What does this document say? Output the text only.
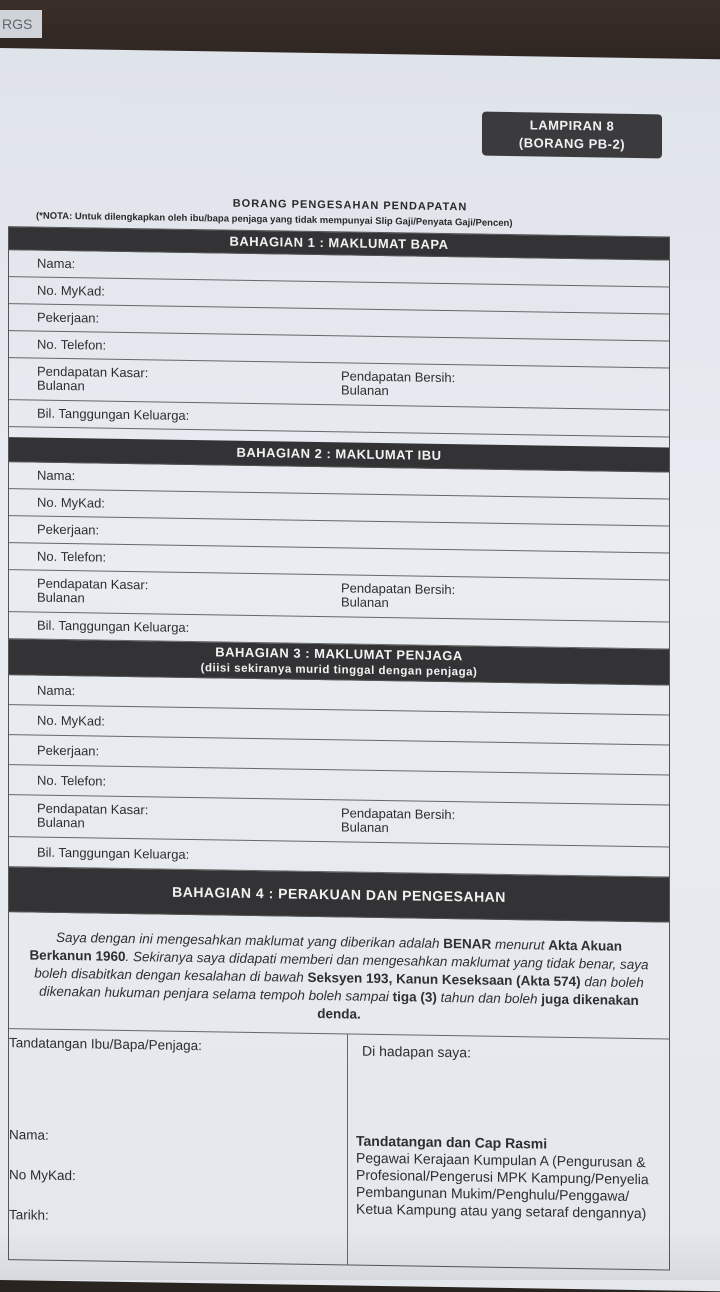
RGS
LAMPIRAN 8
(BORANG PB-2)
BORANG PENGESAHAN PENDAPATAN
(*NOTA: Untuk dilengkapkan oleh ibu/bapa penjaga yang tidak mempunyai Slip Gaji/Penyata Gaji/Pencen)
BAHAGIAN 1 : MAKLUMAT BAPA
Nama:
No. MyKad:
Pekerjaan:
No. Telefon:
Pendapatan Kasar:
Bulanan
Pendapatan Bersih:
Bulanan
Bil. Tanggungan Keluarga:
BAHAGIAN 2 : MAKLUMAT IBU
Nama:
No. MyKad:
Pekerjaan:
No. Telefon:
Pendapatan Kasar:
Bulanan
Pendapatan Bersih:
Bulanan
Bil. Tanggungan Keluarga:
BAHAGIAN 3 : MAKLUMAT PENJAGA
(diisi sekiranya murid tinggal dengan penjaga)
Nama:
No. MyKad:
Pekerjaan:
No. Telefon:
Pendapatan Kasar:
Bulanan
Pendapatan Bersih:
Bulanan
Bil. Tanggungan Keluarga:
BAHAGIAN 4 : PERAKUAN DAN PENGESAHAN
Saya dengan ini mengesahkan maklumat yang diberikan adalah BENAR menurut Akta Akuan Berkanun 1960. Sekiranya saya didapati memberi dan mengesahkan maklumat yang tidak benar, saya boleh disabitkan dengan kesalahan di bawah Seksyen 193, Kanun Keseksaan (Akta 574) dan boleh dikenakan hukuman penjara selama tempoh boleh sampai tiga (3) tahun dan boleh juga dikenakan denda.
Tandatangan Ibu/Bapa/Penjaga:
Nama:
No MyKad:
Tarikh:
Di hadapan saya:
Tandatangan dan Cap Rasmi
Pegawai Kerajaan Kumpulan A (Pengurusan &
Profesional/Pengerusi MPK Kampung/Penyelia
Pembangunan Mukim/Penghulu/Penggawa/
Ketua Kampung atau yang setaraf dengannya)
